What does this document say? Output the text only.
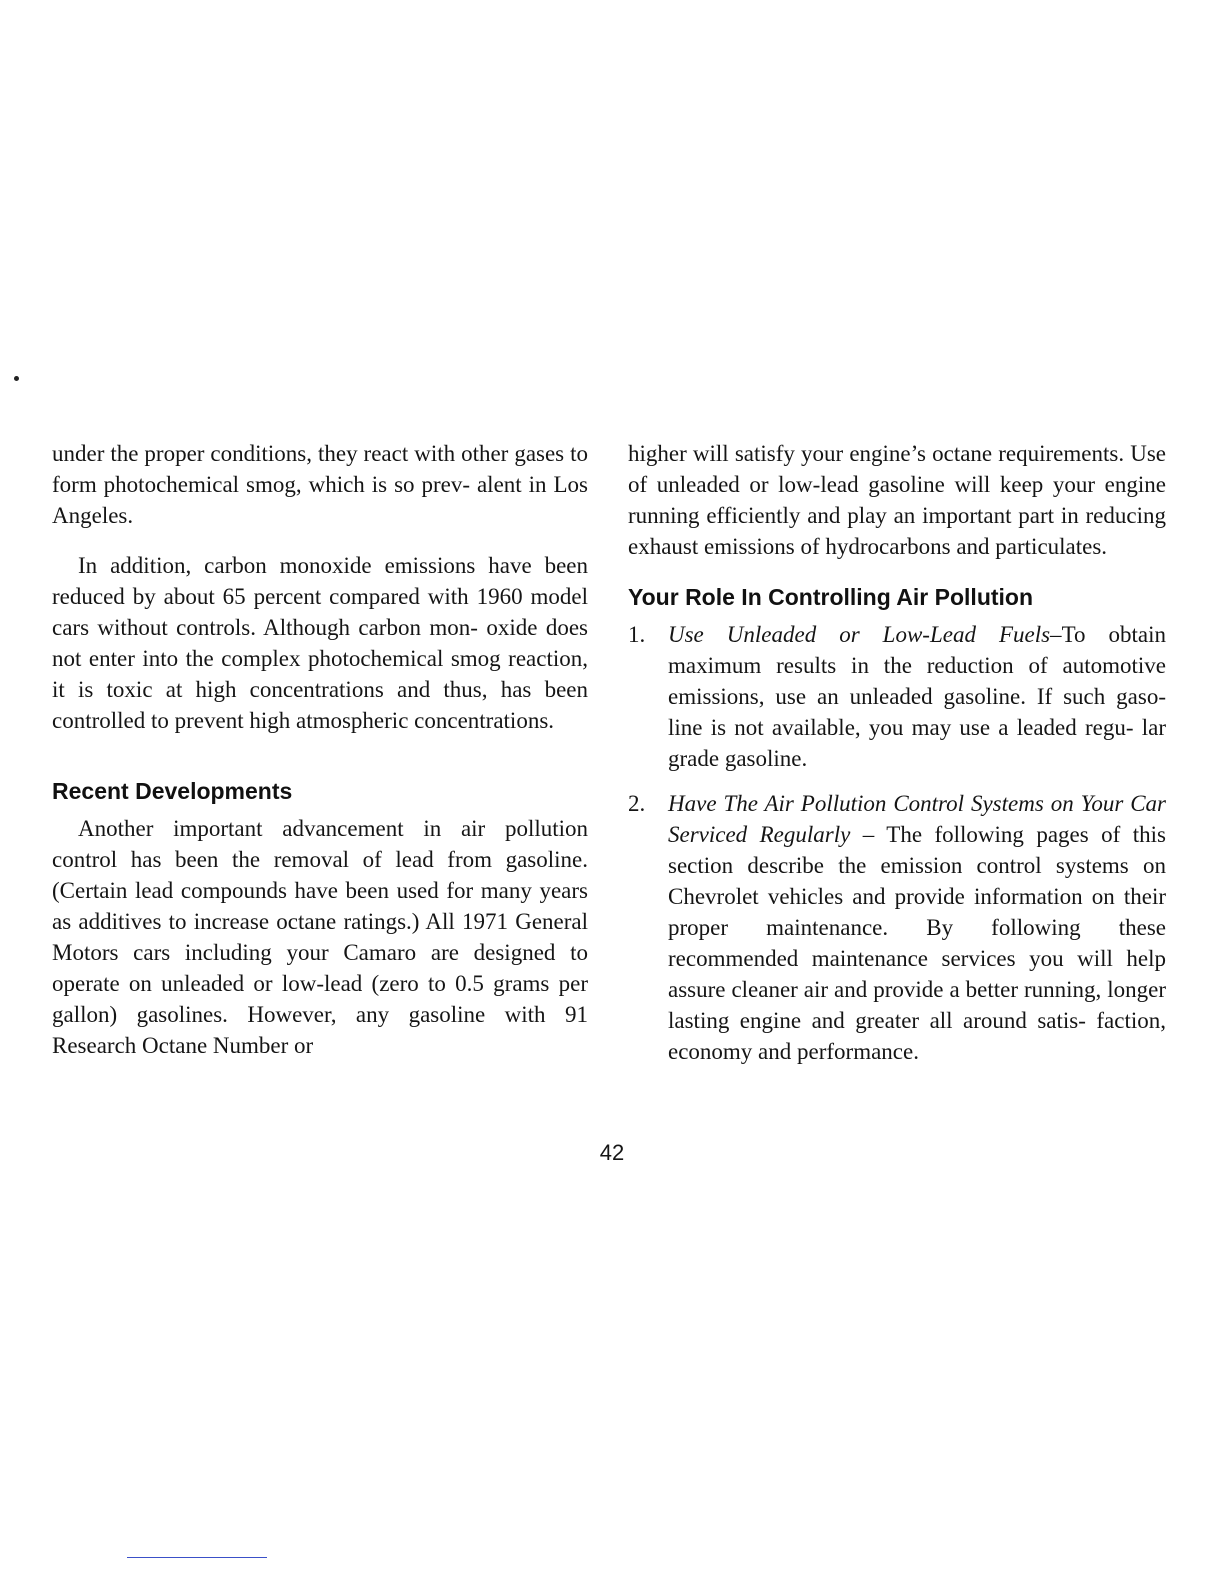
under the proper conditions, they react with other gases to form photochemical smog, which is so prev- alent in Los Angeles.

In addition, carbon monoxide emissions have been reduced by about 65 percent compared with 1960 model cars without controls. Although carbon mon- oxide does not enter into the complex photochemical smog reaction, it is toxic at high concentrations and thus, has been controlled to prevent high atmospheric concentrations.

Recent Developments

Another important advancement in air pollution control has been the removal of lead from gasoline. (Certain lead compounds have been used for many years as additives to increase octane ratings.) All 1971 General Motors cars including your Camaro are designed to operate on unleaded or low-lead (zero to 0.5 grams per gallon) gasolines. However, any gasoline with 91 Research Octane Number or

higher will satisfy your engine’s octane requirements. Use of unleaded or low-lead gasoline will keep your engine running efficiently and play an important part in reducing exhaust emissions of hydrocarbons and particulates.

Your Role In Controlling Air Pollution
1. Use Unleaded or Low-Lead Fuels–To obtain maximum results in the reduction of automotive emissions, use an unleaded gasoline. If such gaso- line is not available, you may use a leaded regu- lar grade gasoline.
2. Have The Air Pollution Control Systems on Your Car Serviced Regularly – The following pages of this section describe the emission control systems on Chevrolet vehicles and provide information on their proper maintenance. By following these recommended maintenance services you will help assure cleaner air and provide a better running, longer lasting engine and greater all around satis- faction, economy and performance.
42
